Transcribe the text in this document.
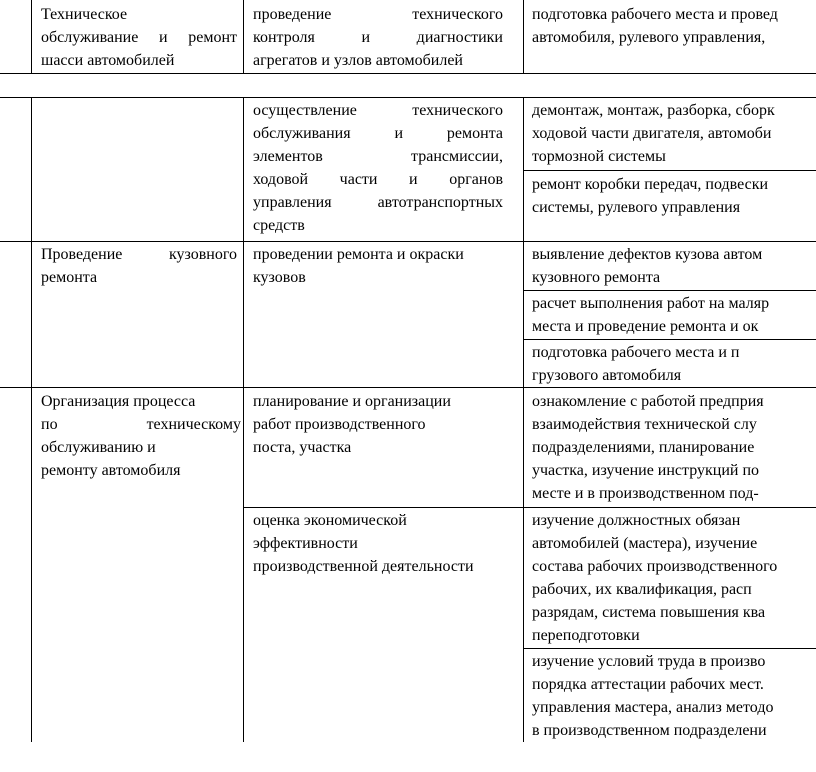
Техническое
обслуживание и ремонт
шасси автомобилей
проведение технического
контроля и диагностики
агрегатов и узлов автомобилей
подготовка рабочего места и провед
автомобиля, рулевого управления,
осуществление технического
обслуживания и ремонта
элементов трансмиссии,
ходовой части и органов
управления автотранспортных
средств
демонтаж, монтаж, разборка, сборк
ходовой части двигателя, автомоби
тормозной системы
ремонт коробки передач, подвески
системы, рулевого управления
Проведение кузовного
ремонта
проведении ремонта и окраски
кузовов
выявление дефектов кузова автом
кузовного ремонта
расчет выполнения работ на маляр
места и проведение ремонта и ок
подготовка рабочего места и п
грузового автомобиля
Организация процесса
по техническому
обслуживанию и
ремонту автомобиля
планирование и организации
работ производственного
поста, участка
ознакомление с работой предприя
взаимодействия технической слу
подразделениями, планирование
участка, изучение инструкций по
месте и в производственном под-
оценка экономической
эффективности
производственной деятельности
изучение должностных обязан
автомобилей (мастера), изучение
состава рабочих производственного
рабочих, их квалификация, расп
разрядам, система повышения ква
переподготовки
изучение условий труда в произво
порядка аттестации рабочих мест.
управления мастера, анализ методо
в производственном подразделени
